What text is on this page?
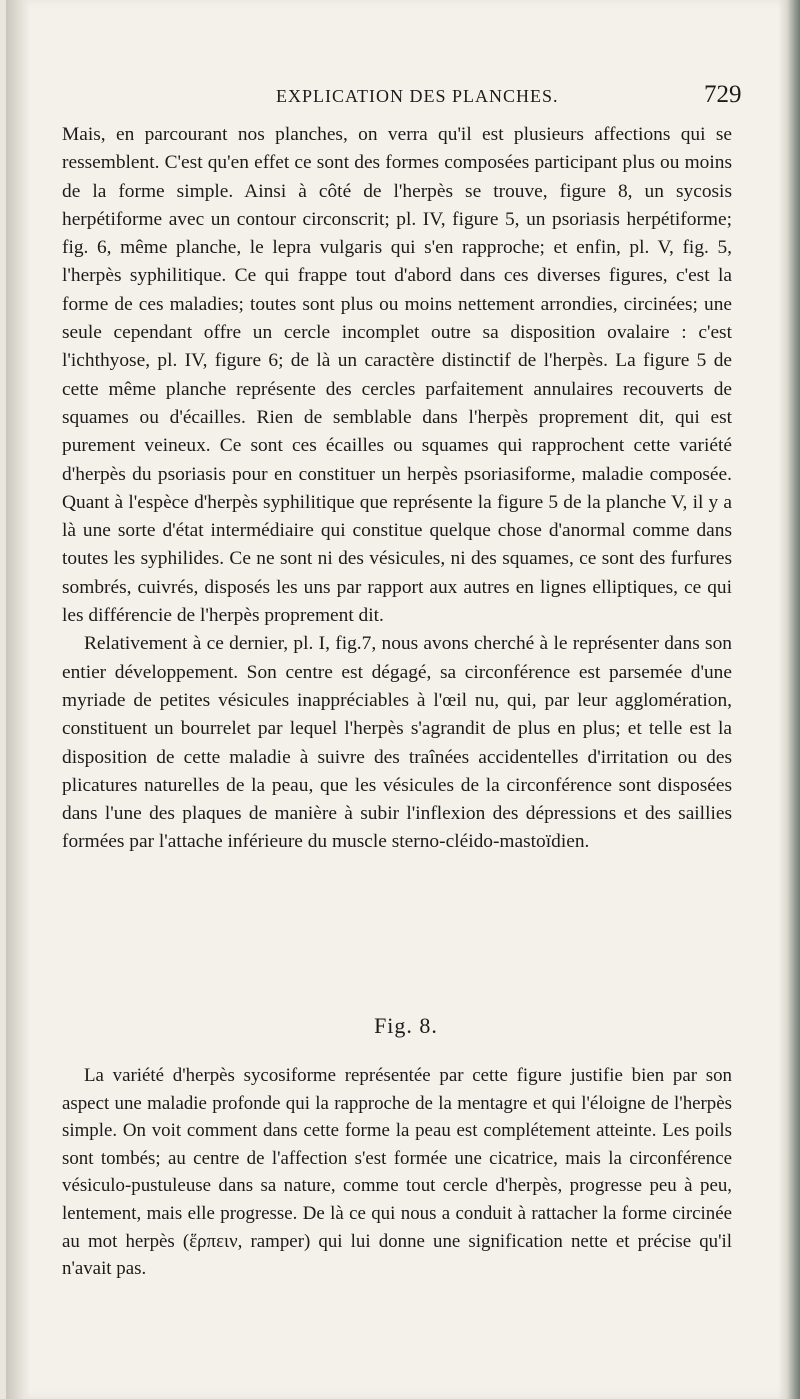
EXPLICATION DES PLANCHES.	729

Mais, en parcourant nos planches, on verra qu'il est plusieurs affections qui se ressemblent. C'est qu'en effet ce sont des formes composées participant plus ou moins de la forme simple. Ainsi à côté de l'herpès se trouve, figure 8, un sycosis herpétiforme avec un contour circonscrit; pl. IV, figure 5, un psoriasis herpétiforme; fig. 6, même planche, le lepra vulgaris qui s'en rapproche; et enfin, pl. V, fig. 5, l'herpès syphilitique. Ce qui frappe tout d'abord dans ces diverses figures, c'est la forme de ces maladies; toutes sont plus ou moins nettement arrondies, circinées; une seule cependant offre un cercle incomplet outre sa disposition ovalaire : c'est l'ichthyose, pl. IV, figure 6; de là un caractère distinctif de l'herpès. La figure 5 de cette même planche représente des cercles parfaitement annulaires recouverts de squames ou d'écailles. Rien de semblable dans l'herpès proprement dit, qui est purement veineux. Ce sont ces écailles ou squames qui rapprochent cette variété d'herpès du psoriasis pour en constituer un herpès psoriasiforme, maladie composée. Quant à l'espèce d'herpès syphilitique que représente la figure 5 de la planche V, il y a là une sorte d'état intermédiaire qui constitue quelque chose d'anormal comme dans toutes les syphilides. Ce ne sont ni des vésicules, ni des squames, ce sont des furfures sombrés, cuivrés, disposés les uns par rapport aux autres en lignes elliptiques, ce qui les différencie de l'herpès proprement dit.

Relativement à ce dernier, pl. I, fig.7, nous avons cherché à le représenter dans son entier développement. Son centre est dégagé, sa circonférence est parsemée d'une myriade de petites vésicules inappréciables à l'œil nu, qui, par leur agglomération, constituent un bourrelet par lequel l'herpès s'agrandit de plus en plus; et telle est la disposition de cette maladie à suivre des traînées accidentelles d'irritation ou des plicatures naturelles de la peau, que les vésicules de la circonférence sont disposées dans l'une des plaques de manière à subir l'inflexion des dépressions et des saillies formées par l'attache inférieure du muscle sterno-cléido-mastoïdien.

Fig. 8.

La variété d'herpès sycosiforme représentée par cette figure justifie bien par son aspect une maladie profonde qui la rapproche de la mentagre et qui l'éloigne de l'herpès simple. On voit comment dans cette forme la peau est complétement atteinte. Les poils sont tombés; au centre de l'affection s'est formée une cicatrice, mais la circonférence vésiculo-pustuleuse dans sa nature, comme tout cercle d'herpès, progresse peu à peu, lentement, mais elle progresse. De là ce qui nous a conduit à rattacher la forme circinée au mot herpès (ἕρπειν, ramper) qui lui donne une signification nette et précise qu'il n'avait pas.
